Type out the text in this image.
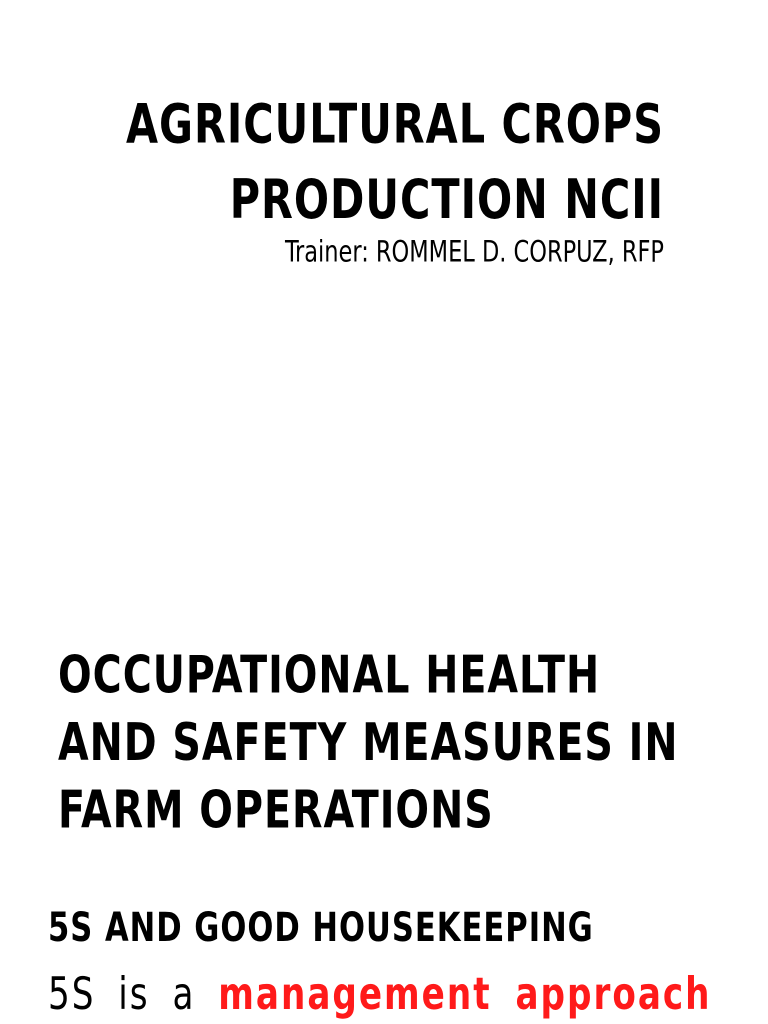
AGRICULTURAL CROPS
PRODUCTION NCII
Trainer: ROMMEL D. CORPUZ, RFP
OCCUPATIONAL HEALTH
AND SAFETY MEASURES IN
FARM OPERATIONS
5S AND GOOD HOUSEKEEPING
5S is a management approach
